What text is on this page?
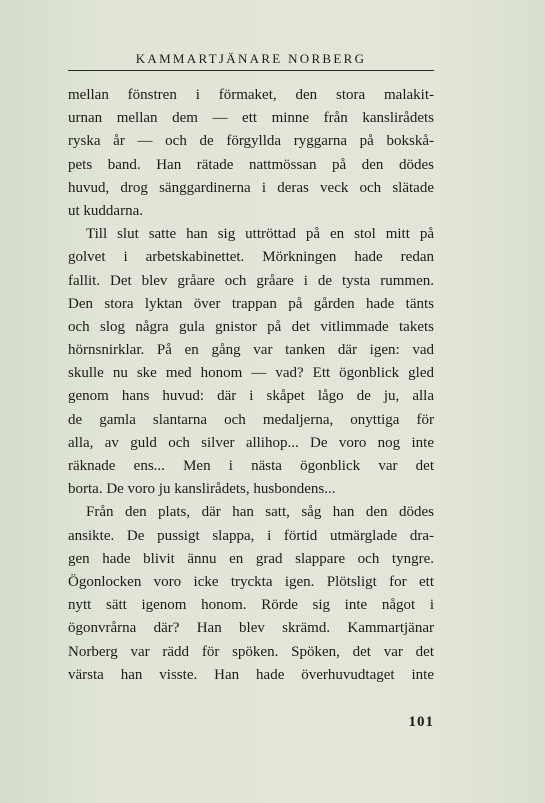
KAMMARTJÄNARE NORBERG
mellan fönstren i förmaket, den stora malakit-
urnan mellan dem — ett minne från kanslirådets
ryska år — och de förgyllda ryggarna på bokskå-
pets band. Han rätade nattmössan på den dödes
huvud, drog sänggardinerna i deras veck och slätade
ut kuddarna.
Till slut satte han sig uttröttad på en stol mitt på
golvet i arbetskabinettet. Mörkningen hade redan
fallit. Det blev gråare och gråare i de tysta rummen.
Den stora lyktan över trappan på gården hade tänts
och slog några gula gnistor på det vitlimmade takets
hörnsnirklar. På en gång var tanken där igen: vad
skulle nu ske med honom — vad? Ett ögonblick gled
genom hans huvud: där i skåpet lågo de ju, alla
de gamla slantarna och medaljerna, onyttiga för
alla, av guld och silver allihop... De voro nog inte
räknade ens... Men i nästa ögonblick var det
borta. De voro ju kanslirådets, husbondens...
Från den plats, där han satt, såg han den dödes
ansikte. De pussigt slappa, i förtid utmärglade dra-
gen hade blivit ännu en grad slappare och tyngre.
Ögonlocken voro icke tryckta igen. Plötsligt for ett
nytt sätt igenom honom. Rörde sig inte något i
ögonvrårna där? Han blev skrämd. Kammartjänar
Norberg var rädd för spöken. Spöken, det var det
värsta han visste. Han hade överhuvudtaget inte
101
